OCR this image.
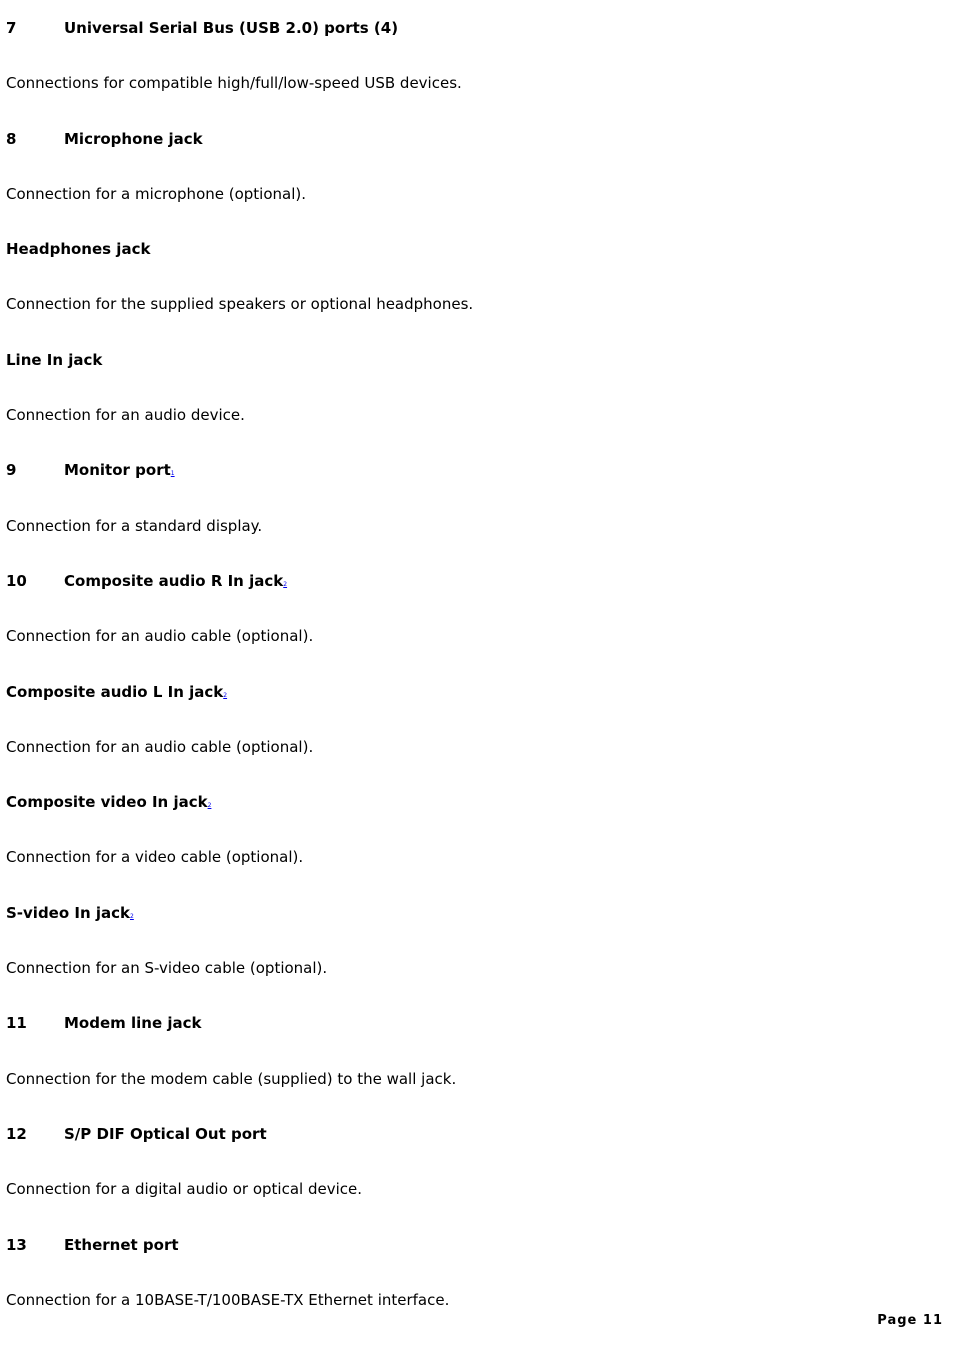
7	Universal Serial Bus (USB 2.0) ports (4)
Connections for compatible high/full/low-speed USB devices.
8	Microphone jack
Connection for a microphone (optional).
Headphones jack
Connection for the supplied speakers or optional headphones.
Line In jack
Connection for an audio device.
9	Monitor port1
Connection for a standard display.
10 Composite audio R In jack2
Connection for an audio cable (optional).
Composite audio L In jack2
Connection for an audio cable (optional).
Composite video In jack2
Connection for a video cable (optional).
S-video In jack2
Connection for an S-video cable (optional).
11 Modem line jack
Connection for the modem cable (supplied) to the wall jack.
12 S/P DIF Optical Out port
Connection for a digital audio or optical device.
13 Ethernet port
Connection for a 10BASE-T/100BASE-TX Ethernet interface.
Page 11
